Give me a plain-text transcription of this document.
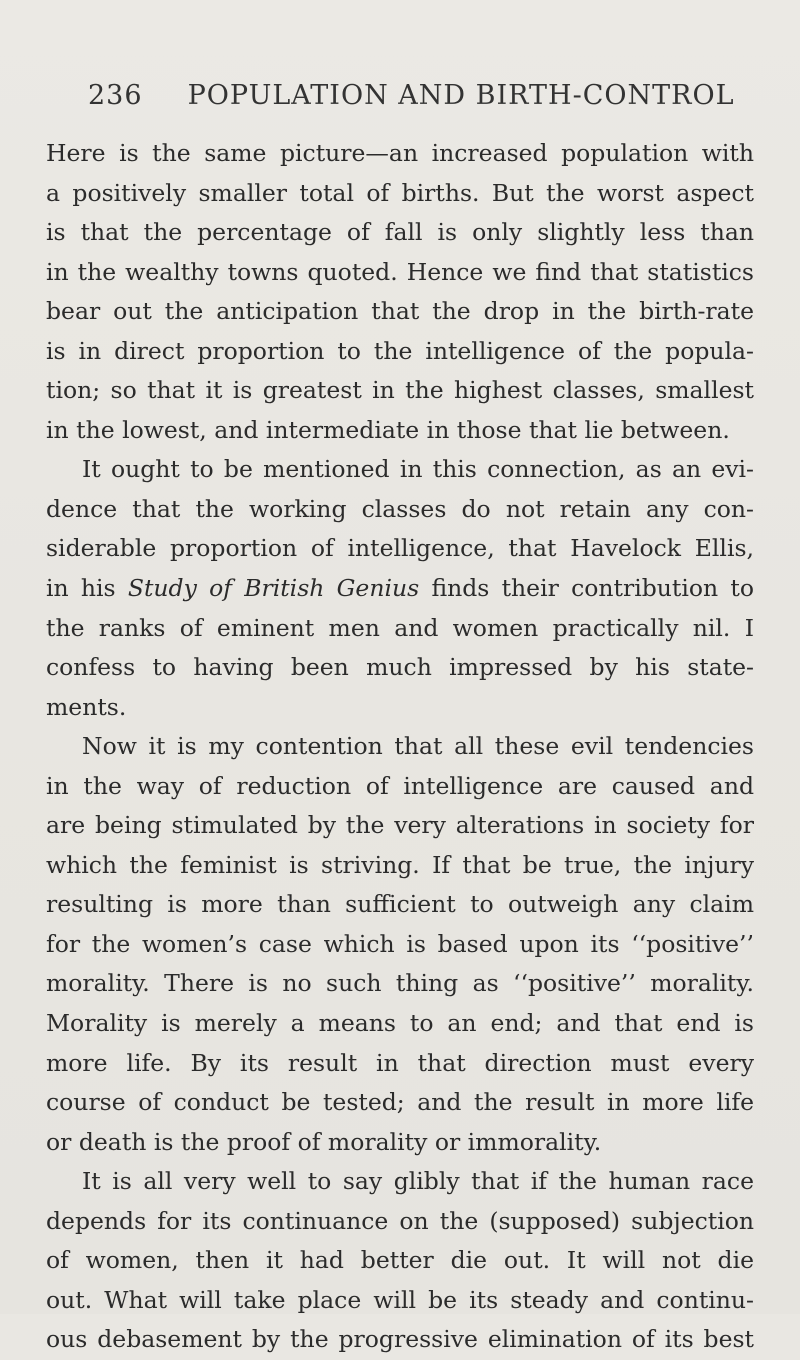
236 POPULATION AND BIRTH-CONTROL
Here is the same picture—an increased population with
a positively smaller total of births. But the worst aspect
is that the percentage of fall is only slightly less than
in the wealthy towns quoted. Hence we find that statistics
bear out the anticipation that the drop in the birth-rate
is in direct proportion to the intelligence of the popula-
tion; so that it is greatest in the highest classes, smallest
in the lowest, and intermediate in those that lie between.
It ought to be mentioned in this connection, as an evi-
dence that the working classes do not retain any con-
siderable proportion of intelligence, that Havelock Ellis,
in his Study of British Genius finds their contribution to
the ranks of eminent men and women practically nil. I
confess to having been much impressed by his state-
ments.
Now it is my contention that all these evil tendencies
in the way of reduction of intelligence are caused and
are being stimulated by the very alterations in society for
which the feminist is striving. If that be true, the injury
resulting is more than sufficient to outweigh any claim
for the women’s case which is based upon its ‘‘positive’’
morality. There is no such thing as ‘‘positive’’ morality.
Morality is merely a means to an end; and that end is
more life. By its result in that direction must every
course of conduct be tested; and the result in more life
or death is the proof of morality or immorality.
It is all very well to say glibly that if the human race
depends for its continuance on the (supposed) subjection
of women, then it had better die out. It will not die
out. What will take place will be its steady and continu-
ous debasement by the progressive elimination of its best
